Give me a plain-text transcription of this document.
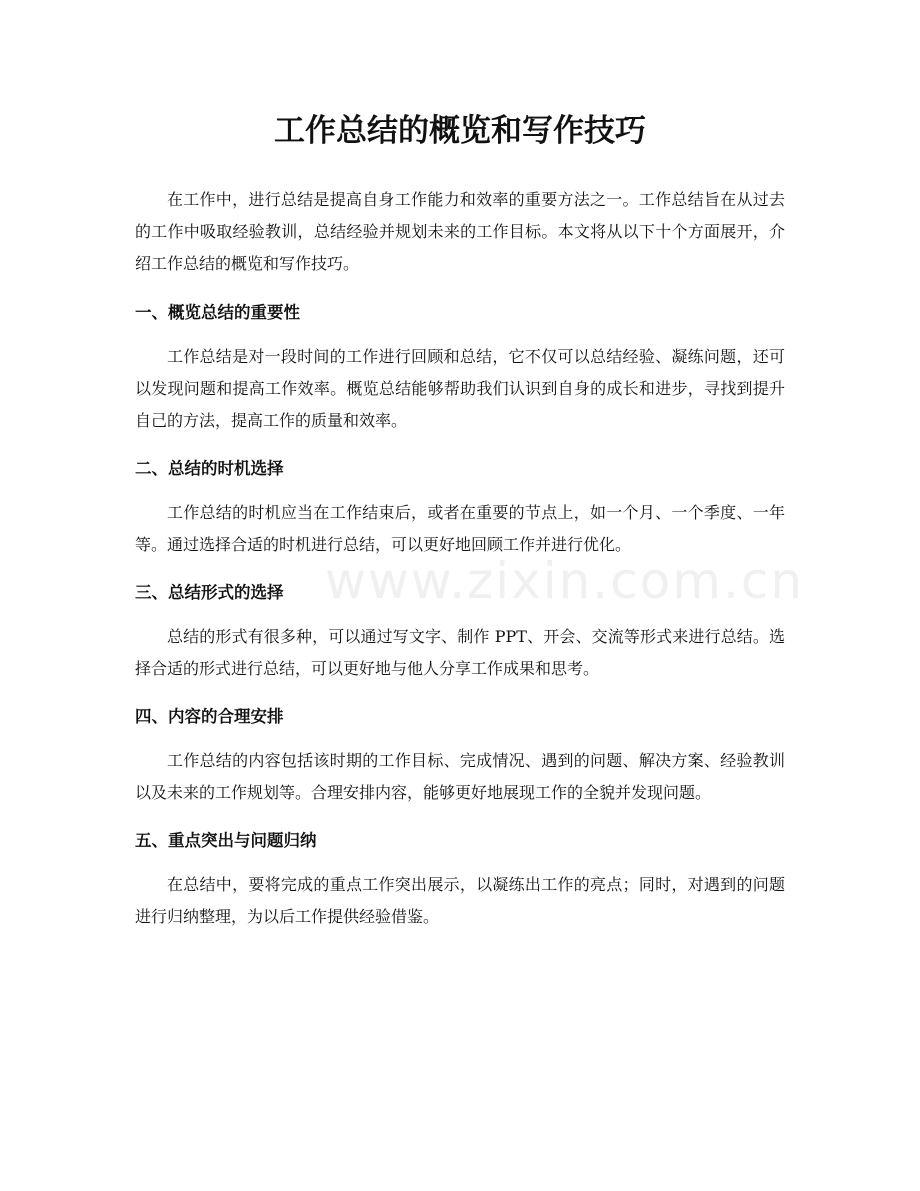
工作总结的概览和写作技巧

在工作中，进行总结是提高自身工作能力和效率的重要方法之一。工作总结旨在从过去的工作中吸取经验教训，总结经验并规划未来的工作目标。本文将从以下十个方面展开，介绍工作总结的概览和写作技巧。

一、概览总结的重要性

工作总结是对一段时间的工作进行回顾和总结，它不仅可以总结经验、凝练问题，还可以发现问题和提高工作效率。概览总结能够帮助我们认识到自身的成长和进步，寻找到提升自己的方法，提高工作的质量和效率。

二、总结的时机选择

工作总结的时机应当在工作结束后，或者在重要的节点上，如一个月、一个季度、一年等。通过选择合适的时机进行总结，可以更好地回顾工作并进行优化。

三、总结形式的选择

总结的形式有很多种，可以通过写文字、制作 PPT、开会、交流等形式来进行总结。选择合适的形式进行总结，可以更好地与他人分享工作成果和思考。

四、内容的合理安排

工作总结的内容包括该时期的工作目标、完成情况、遇到的问题、解决方案、经验教训以及未来的工作规划等。合理安排内容，能够更好地展现工作的全貌并发现问题。

五、重点突出与问题归纳

在总结中，要将完成的重点工作突出展示，以凝练出工作的亮点；同时，对遇到的问题进行归纳整理，为以后工作提供经验借鉴。

www.zixin.com.cn
